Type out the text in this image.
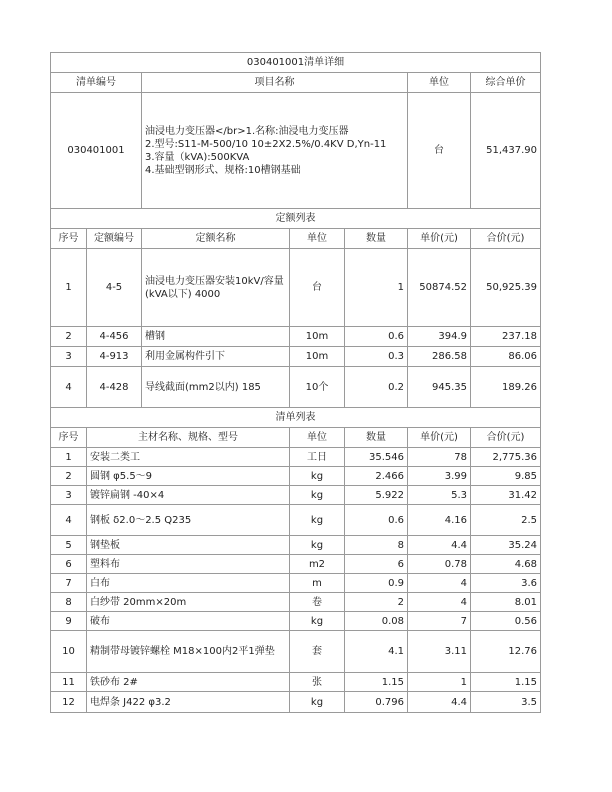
030401001清单详细						
清单编号		项目名称			单位	综合单价
030401001		油浸电力变压器</br>1.名称:油浸电力变压器
2.型号:S11-M-500/10 10±2X2.5%/0.4KV D,Yn-11
3.容量（kVA):500KVA
4.基础型钢形式、规格:10槽钢基础			台	51,437.90
定额列表						
序号	定额编号	定额名称	单位	数量	单价(元)	合价(元)
1	4-5	油浸电力变压器安装10kV/容量(kVA以下) 4000	台	1	50874.52	50,925.39
2	4-456	槽钢	10m	0.6	394.9	237.18
3	4-913	利用金属构件引下	10m	0.3	286.58	86.06
4	4-428	导线截面(mm2以内) 185	10个	0.2	945.35	189.26
清单列表						
序号	主材名称、规格、型号	单位	数量	单价(元)	合价(元)
1	安装二类工	工日	35.546	78	2,775.36
2	圆钢 φ5.5～9	kg	2.466	3.99	9.85
3	镀锌扁钢 -40×4	kg	5.922	5.3	31.42
4	钢板 δ2.0～2.5 Q235	kg	0.6	4.16	2.5
5	钢垫板	kg	8	4.4	35.24
6	塑料布	m2	6	0.78	4.68
7	白布	m	0.9	4	3.6
8	白纱带 20mm×20m	卷	2	4	8.01
9	破布	kg	0.08	7	0.56
10	精制带母镀锌螺栓 M18×100内2平1弹垫	套	4.1	3.11	12.76
11	铁砂布 2#	张	1.15	1	1.15
12	电焊条 J422 φ3.2	kg	0.796	4.4	3.5
